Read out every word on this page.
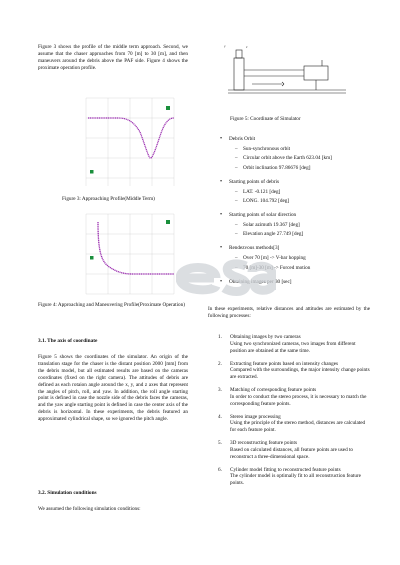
Figure 3 shows the profile of the middle term approach. Second, we assume that the chaser approaches from 70 [m] to 30 [m], and then maneuvers around the debris above the PAF side. Figure 4 shows the proximate operation profile.
Figure 3: Approaching Profile(Middle Term)
Figure 4: Approaching and Maneuvering Profile(Proximate Operation)
3.1. The axis of coordinate
Figure 5 shows the coordinates of the simulator. An origin of the translation stage for the chaser is the distant position 2000 [mm] from the debris model, but all estimated results are based on the cameras coordinates (fixed on the right camera). The attitudes of debris are defined as each rotaion angle around the x, y, and z axes that represent the angles of pitch, roll, and yaw. In addition, the roll angle starting point is defined in case the nozzle side of the debris faces the cameras, and the yaw angle starting point is defined in case the center axis of the debris is horizontal. In these experiments, the debris featured an approximated cylindrical shape, so we ignored the pitch angle.
3.2. Simulation conditions
We assumed the following simulation conditions:
y	z
Figure 5: Coordinate of Simulator
• Debris Orbit
– Sun-synchronous orbit
– Circular orbit above the Earth 623.04 [km]
– Orbit inclination 97.86676 [deg]
• Starting points of debris
– LAT. -0.121 [deg]
– LONG. 104.792 [deg]
• Starting points of solar direction
– Solar azimuth 19.367 [deg]
– Elevation angle 27.749 [deg]
• Rendezvous methods[3]
– Over 70 [m] -> V-bar hopping
– 70 [m]-30 [m] -> Forced motion
• Obtaining images per 30 [sec]
In these experiments, relative distances and attitudes are estimated by the following processes:
1. Obtaining images by two cameras
Using two synchronized cameras, two images from different position are obtained at the same time.
2. Extracting feature points based on intensity changes
Compared with the surroundings, the major intensity change points are extracted.
3. Matching of corresponding feature points
In order to conduct the stereo process, it is necessary to match the corresponding feature points.
4. Stereo image processing
Using the principle of the stereo method, distances are calculated for each feature point.
5. 3D reconstructing feature points
Based on calculated distances, all feature points are used to reconstruct a three-dimensional space.
6. Cylinder model fitting to reconstructed feature points
The cylinder model is optimally fit to all reconstruction feature points.
